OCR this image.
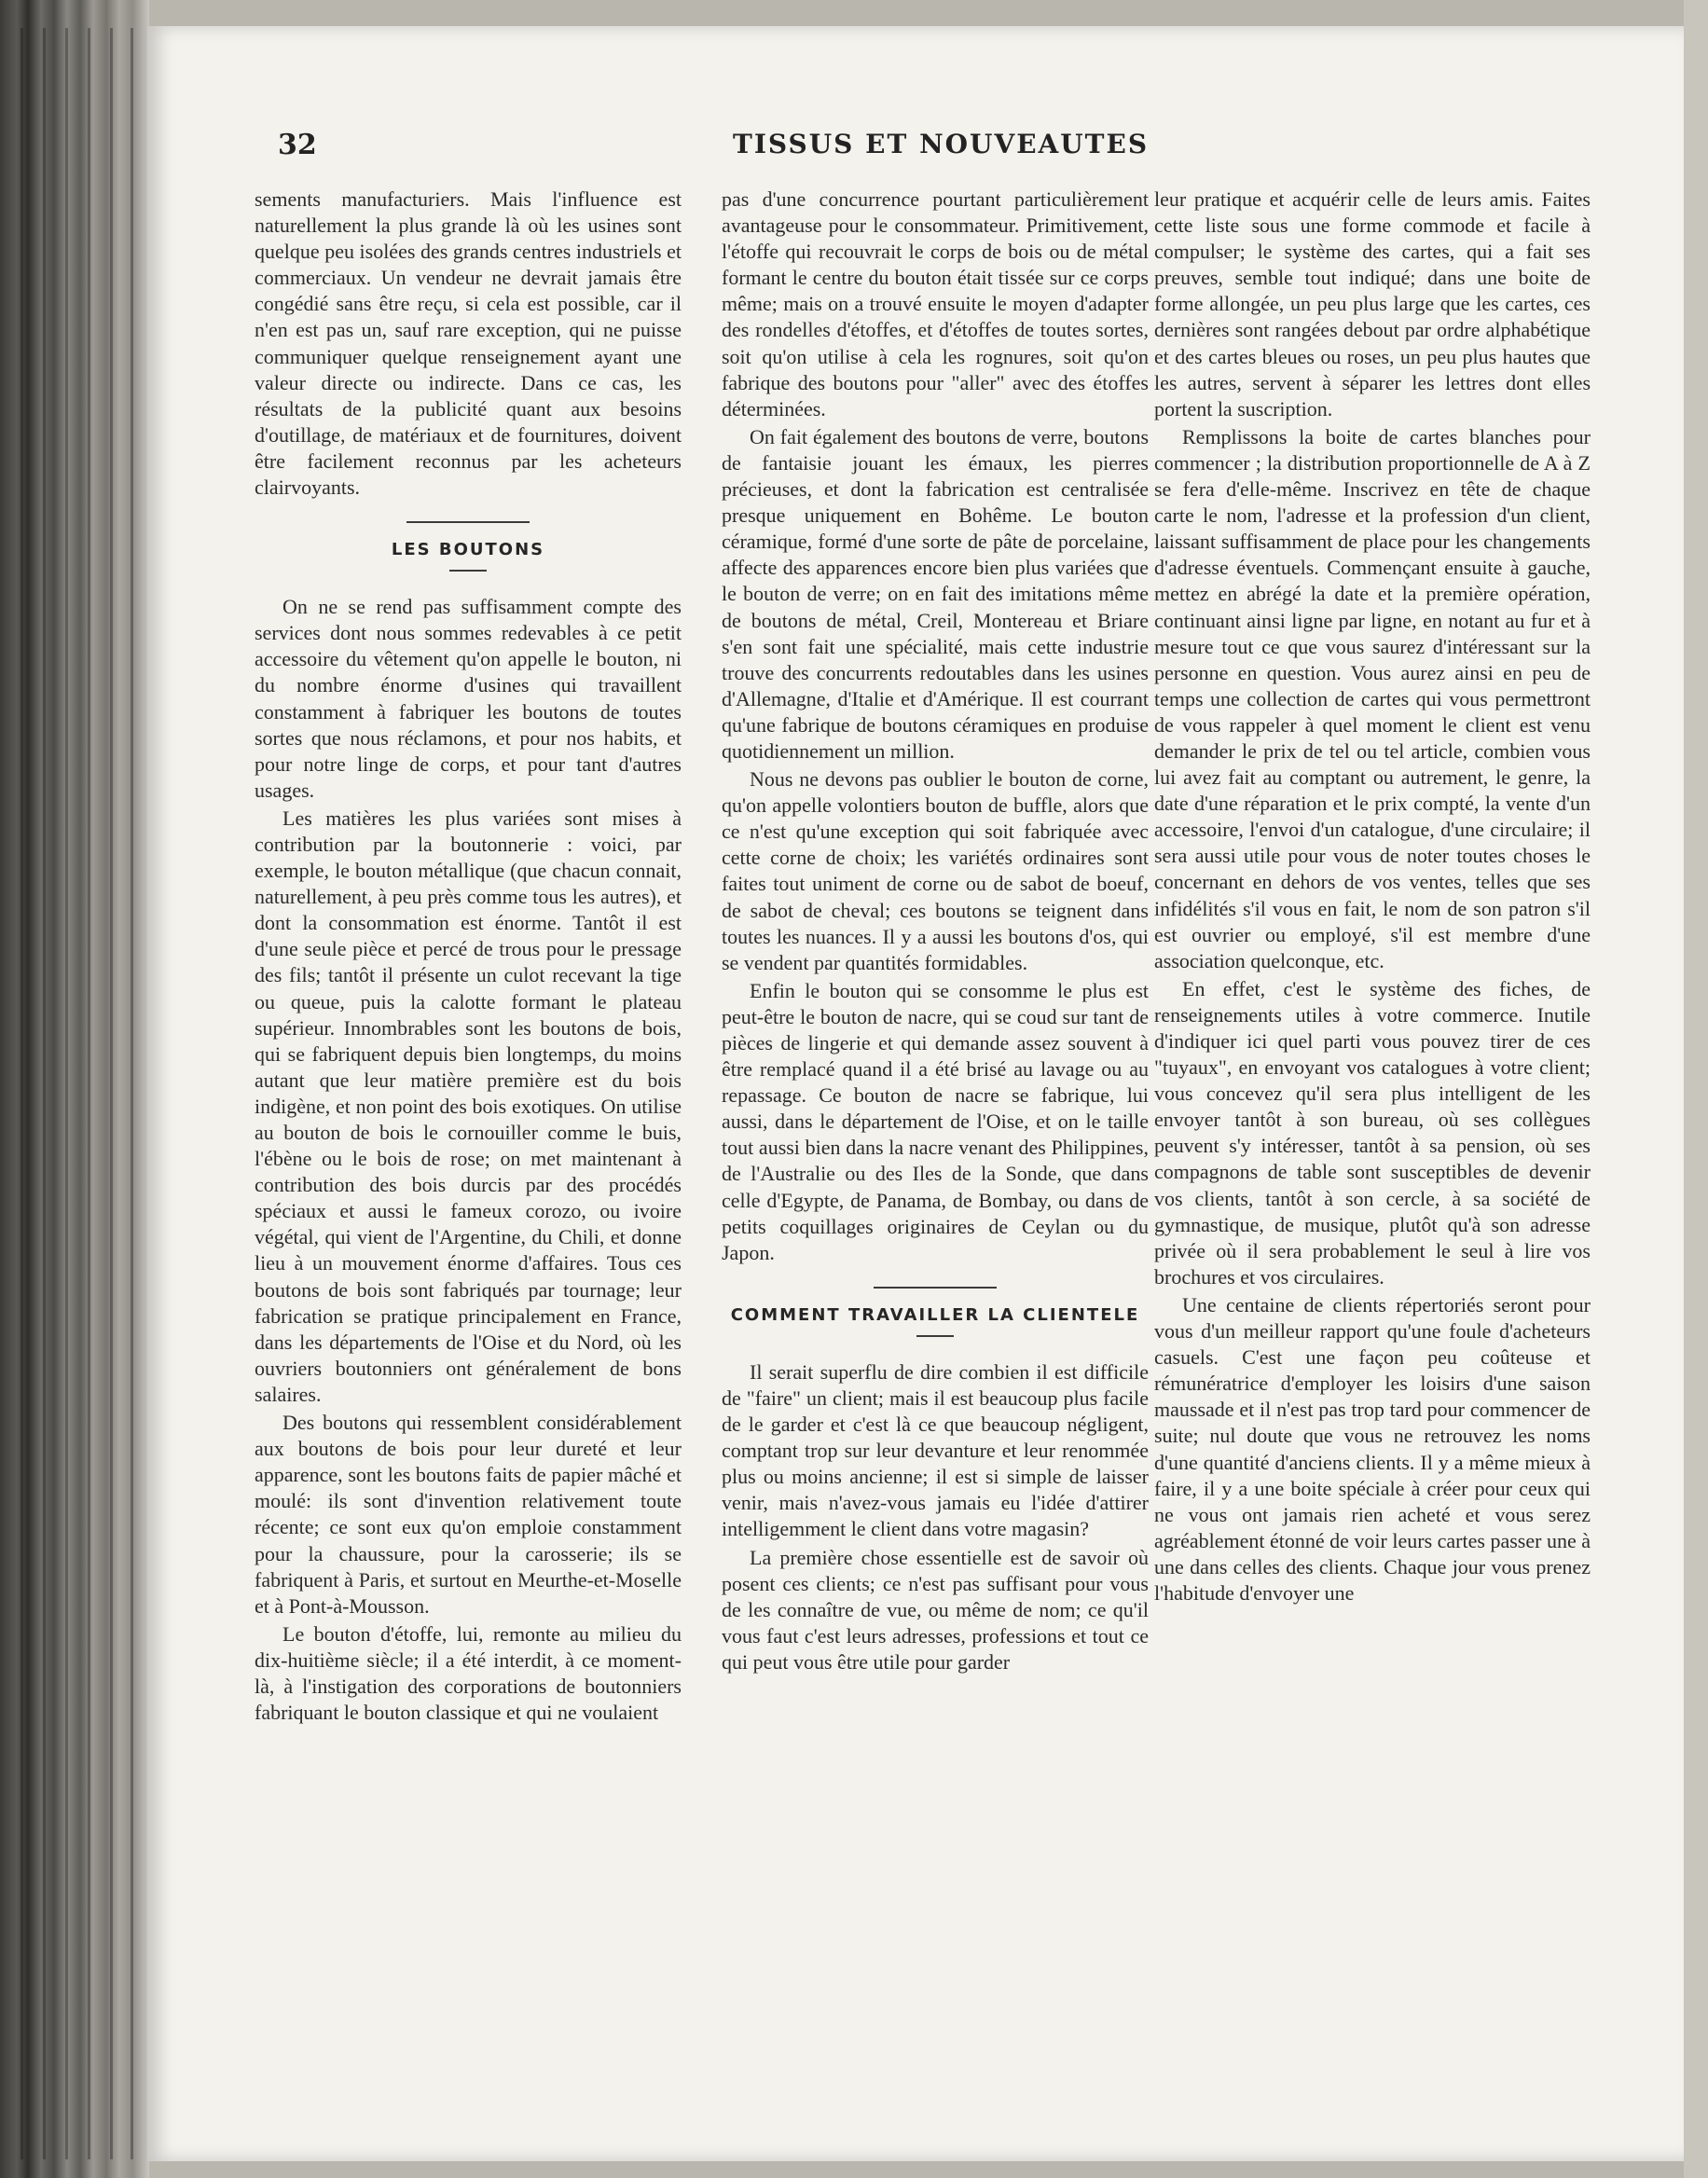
32	TISSUS ET NOUVEAUTES

sements manufacturiers. Mais l'influence est naturellement la plus grande là où les usines sont quelque peu isolées des grands centres industriels et commerciaux. Un vendeur ne devrait jamais être congédié sans être reçu, si cela est possible, car il n'en est pas un, sauf rare exception, qui ne puisse communiquer quelque renseignement ayant une valeur directe ou indirecte. Dans ce cas, les résultats de la publicité quant aux besoins d'outillage, de matériaux et de fournitures, doivent être facilement reconnus par les acheteurs clairvoyants.

LES BOUTONS

On ne se rend pas suffisamment compte des services dont nous sommes redevables à ce petit accessoire du vêtement qu'on appelle le bouton, ni du nombre énorme d'usines qui travaillent constamment à fabriquer les boutons de toutes sortes que nous réclamons, et pour nos habits, et pour notre linge de corps, et pour tant d'autres usages.

Les matières les plus variées sont mises à contribution par la boutonnerie : voici, par exemple, le bouton métallique (que chacun connait, naturellement, à peu près comme tous les autres), et dont la consommation est énorme. Tantôt il est d'une seule pièce et percé de trous pour le pressage des fils; tantôt il présente un culot recevant la tige ou queue, puis la calotte formant le plateau supérieur. Innombrables sont les boutons de bois, qui se fabriquent depuis bien longtemps, du moins autant que leur matière première est du bois indigène, et non point des bois exotiques. On utilise au bouton de bois le cornouiller comme le buis, l'ébène ou le bois de rose; on met maintenant à contribution des bois durcis par des procédés spéciaux et aussi le fameux corozo, ou ivoire végétal, qui vient de l'Argentine, du Chili, et donne lieu à un mouvement énorme d'affaires. Tous ces boutons de bois sont fabriqués par tournage; leur fabrication se pratique principalement en France, dans les départements de l'Oise et du Nord, où les ouvriers boutonniers ont généralement de bons salaires.

Des boutons qui ressemblent considérablement aux boutons de bois pour leur dureté et leur apparence, sont les boutons faits de papier mâché et moulé: ils sont d'invention relativement toute récente; ce sont eux qu'on emploie constamment pour la chaussure, pour la carosserie; ils se fabriquent à Paris, et surtout en Meurthe-et-Moselle et à Pont-à-Mousson.

Le bouton d'étoffe, lui, remonte au milieu du dix-huitième siècle; il a été interdit, à ce moment-là, à l'instigation des corporations de boutonniers fabriquant le bouton classique et qui ne voulaient

pas d'une concurrence pourtant particulièrement avantageuse pour le consommateur. Primitivement, l'étoffe qui recouvrait le corps de bois ou de métal formant le centre du bouton était tissée sur ce corps même; mais on a trouvé ensuite le moyen d'adapter des rondelles d'étoffes, et d'étoffes de toutes sortes, soit qu'on utilise à cela les rognures, soit qu'on fabrique des boutons pour "aller" avec des étoffes déterminées.

On fait également des boutons de verre, boutons de fantaisie jouant les émaux, les pierres précieuses, et dont la fabrication est centralisée presque uniquement en Bohême. Le bouton céramique, formé d'une sorte de pâte de porcelaine, affecte des apparences encore bien plus variées que le bouton de verre; on en fait des imitations même de boutons de métal, Creil, Montereau et Briare s'en sont fait une spécialité, mais cette industrie trouve des concurrents redoutables dans les usines d'Allemagne, d'Italie et d'Amérique. Il est courrant qu'une fabrique de boutons céramiques en produise quotidiennement un million.

Nous ne devons pas oublier le bouton de corne, qu'on appelle volontiers bouton de buffle, alors que ce n'est qu'une exception qui soit fabriquée avec cette corne de choix; les variétés ordinaires sont faites tout uniment de corne ou de sabot de boeuf, de sabot de cheval; ces boutons se teignent dans toutes les nuances. Il y a aussi les boutons d'os, qui se vendent par quantités formidables.

Enfin le bouton qui se consomme le plus est peut-être le bouton de nacre, qui se coud sur tant de pièces de lingerie et qui demande assez souvent à être remplacé quand il a été brisé au lavage ou au repassage. Ce bouton de nacre se fabrique, lui aussi, dans le département de l'Oise, et on le taille tout aussi bien dans la nacre venant des Philippines, de l'Australie ou des Iles de la Sonde, que dans celle d'Egypte, de Panama, de Bombay, ou dans de petits coquillages originaires de Ceylan ou du Japon.

COMMENT TRAVAILLER LA CLIENTELE

Il serait superflu de dire combien il est difficile de "faire" un client; mais il est beaucoup plus facile de le garder et c'est là ce que beaucoup négligent, comptant trop sur leur devanture et leur renommée plus ou moins ancienne; il est si simple de laisser venir, mais n'avez-vous jamais eu l'idée d'attirer intelligemment le client dans votre magasin?

La première chose essentielle est de savoir où posent ces clients; ce n'est pas suffisant pour vous de les connaître de vue, ou même de nom; ce qu'il vous faut c'est leurs adresses, professions et tout ce qui peut vous être utile pour garder

leur pratique et acquérir celle de leurs amis. Faites cette liste sous une forme commode et facile à compulser; le système des cartes, qui a fait ses preuves, semble tout indiqué; dans une boite de forme allongée, un peu plus large que les cartes, ces dernières sont rangées debout par ordre alphabétique et des cartes bleues ou roses, un peu plus hautes que les autres, servent à séparer les lettres dont elles portent la suscription.

Remplissons la boite de cartes blanches pour commencer ; la distribution proportionnelle de A à Z se fera d'elle-même. Inscrivez en tête de chaque carte le nom, l'adresse et la profession d'un client, laissant suffisamment de place pour les changements d'adresse éventuels. Commençant ensuite à gauche, mettez en abrégé la date et la première opération, continuant ainsi ligne par ligne, en notant au fur et à mesure tout ce que vous saurez d'intéressant sur la personne en question. Vous aurez ainsi en peu de temps une collection de cartes qui vous permettront de vous rappeler à quel moment le client est venu demander le prix de tel ou tel article, combien vous lui avez fait au comptant ou autrement, le genre, la date d'une réparation et le prix compté, la vente d'un accessoire, l'envoi d'un catalogue, d'une circulaire; il sera aussi utile pour vous de noter toutes choses le concernant en dehors de vos ventes, telles que ses infidélités s'il vous en fait, le nom de son patron s'il est ouvrier ou employé, s'il est membre d'une association quelconque, etc.

En effet, c'est le système des fiches, de renseignements utiles à votre commerce. Inutile d'indiquer ici quel parti vous pouvez tirer de ces "tuyaux", en envoyant vos catalogues à votre client; vous concevez qu'il sera plus intelligent de les envoyer tantôt à son bureau, où ses collègues peuvent s'y intéresser, tantôt à sa pension, où ses compagnons de table sont susceptibles de devenir vos clients, tantôt à son cercle, à sa société de gymnastique, de musique, plutôt qu'à son adresse privée où il sera probablement le seul à lire vos brochures et vos circulaires.

Une centaine de clients répertoriés seront pour vous d'un meilleur rapport qu'une foule d'acheteurs casuels. C'est une façon peu coûteuse et rémunératrice d'employer les loisirs d'une saison maussade et il n'est pas trop tard pour commencer de suite; nul doute que vous ne retrouvez les noms d'une quantité d'anciens clients. Il y a même mieux à faire, il y a une boite spéciale à créer pour ceux qui ne vous ont jamais rien acheté et vous serez agréablement étonné de voir leurs cartes passer une à une dans celles des clients. Chaque jour vous prenez l'habitude d'envoyer une
